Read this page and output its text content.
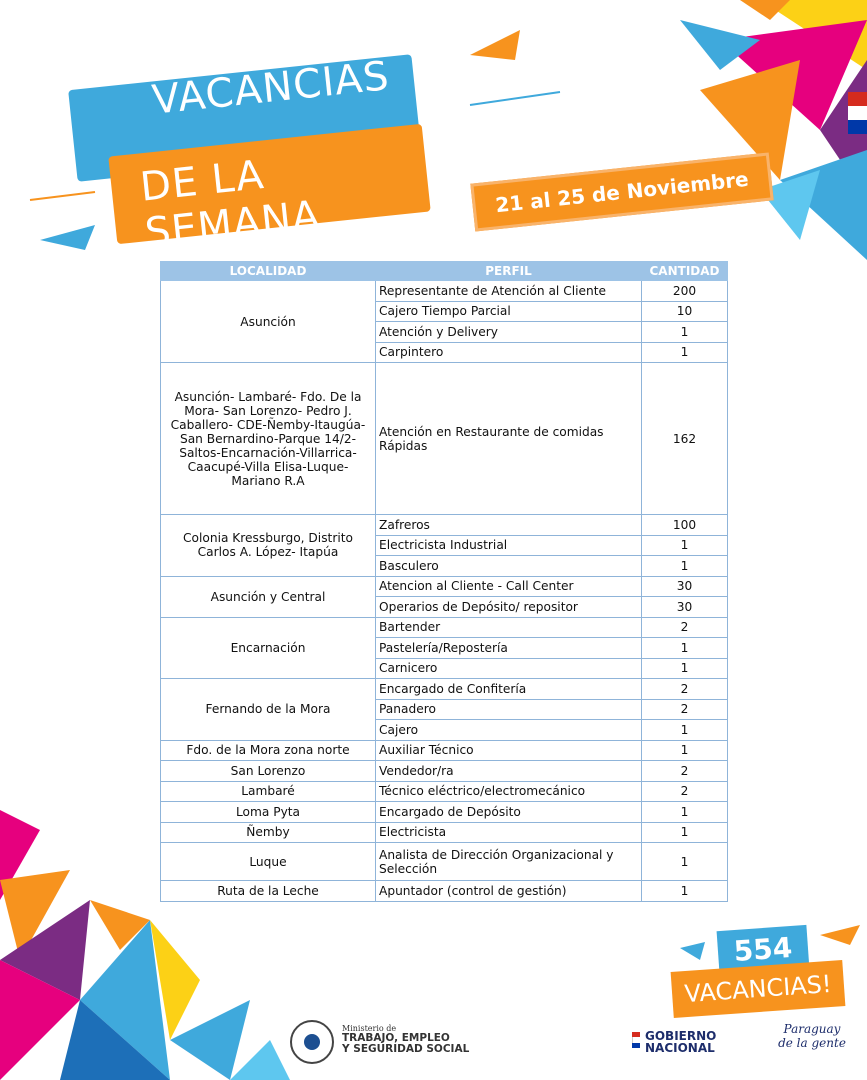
VACANCIAS
DE LA SEMANA
21 al 25 de Noviembre
LOCALIDAD	PERFIL	CANTIDAD
Asunción	Representante de Atención al Cliente	200
	Cajero Tiempo Parcial	10
	Atención y Delivery	1
	Carpintero	1
Asunción- Lambaré- Fdo. De la Mora- San Lorenzo- Pedro J. Caballero- CDE-Ñemby-Itaugúa-San Bernardino-Parque 14/2-Saltos-Encarnación-Villarrica-Caacupé-Villa Elisa-Luque-Mariano R.A	Atención en Restaurante de comidas Rápidas	162
Colonia Kressburgo, Distrito Carlos A. López- Itapúa	Zafreros	100
	Electricista Industrial	1
	Basculero	1
Asunción y Central	Atencion al Cliente - Call Center	30
	Operarios de Depósito/ repositor	30
Encarnación	Bartender	2
	Pastelería/Repostería	1
	Carnicero	1
Fernando de la Mora	Encargado de Confitería	2
	Panadero	2
	Cajero	1
Fdo. de la Mora zona norte	Auxiliar Técnico	1
San Lorenzo	Vendedor/ra	2
Lambaré	Técnico eléctrico/electromecánico	2
Loma Pyta	Encargado de Depósito	1
Ñemby	Electricista	1
Luque	Analista de Dirección Organizacional y Selección	1
Ruta de la Leche	Apuntador (control de gestión)	1
554
VACANCIAS!
Ministerio de
TRABAJO, EMPLEO
Y SEGURIDAD SOCIAL
GOBIERNO
NACIONAL
Paraguay
de la gente
